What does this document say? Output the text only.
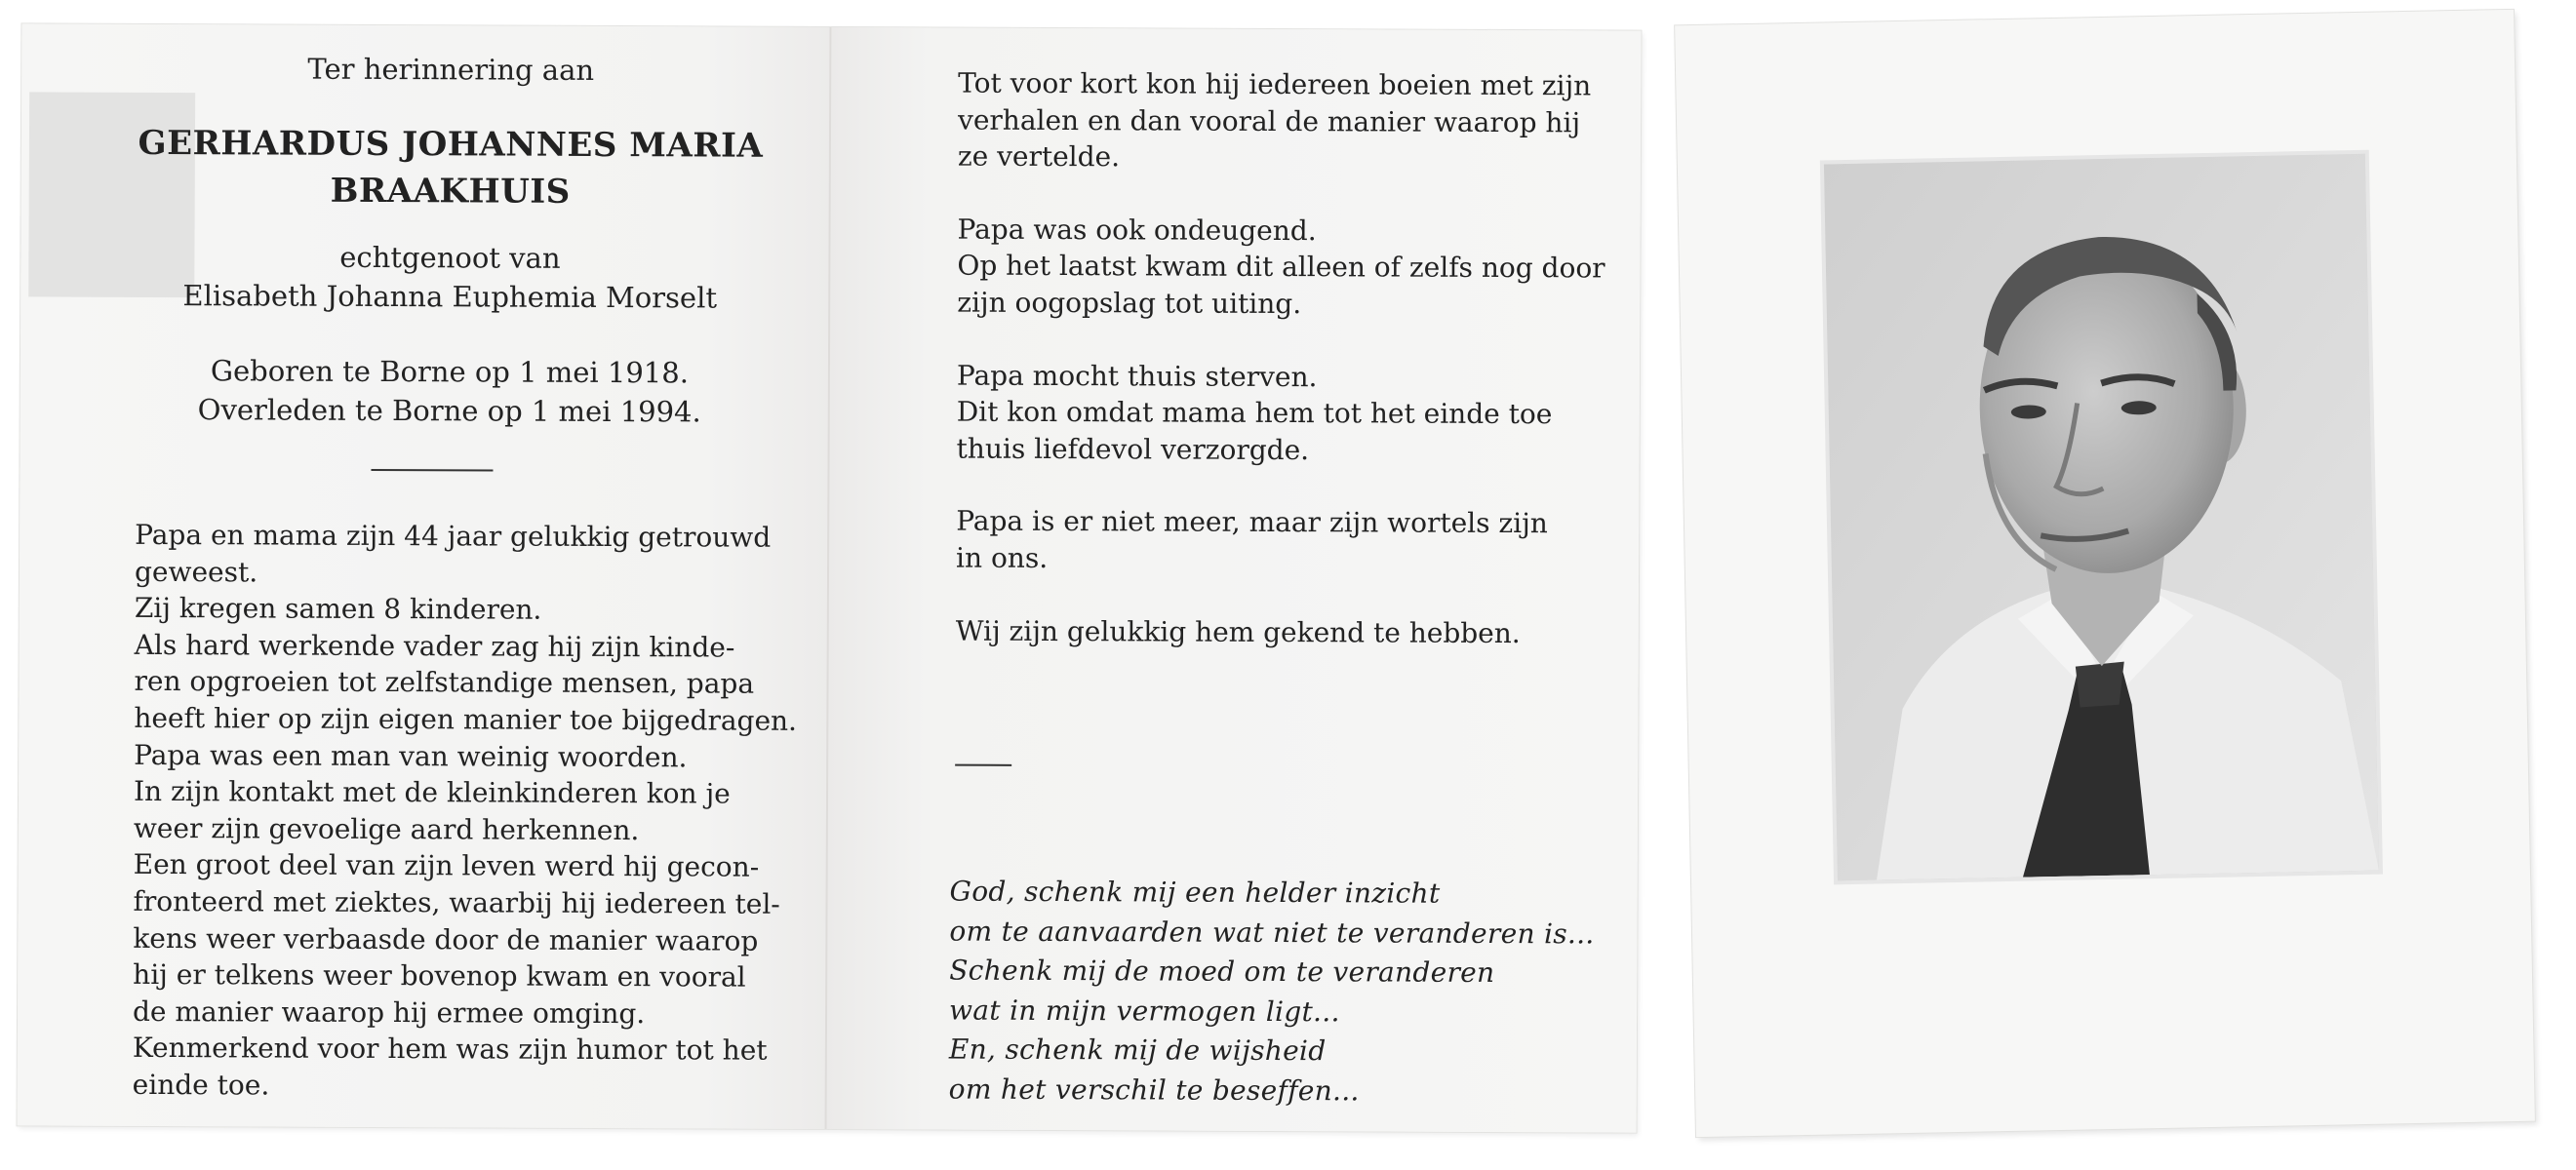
Ter herinnering aan
GERHARDUS JOHANNES MARIA
BRAAKHUIS
echtgenoot van
Elisabeth Johanna Euphemia Morselt
Geboren te Borne op 1 mei 1918.
Overleden te Borne op 1 mei 1994.
Papa en mama zijn 44 jaar gelukkig getrouwd
geweest.
Zij kregen samen 8 kinderen.
Als hard werkende vader zag hij zijn kinde-
ren opgroeien tot zelfstandige mensen, papa
heeft hier op zijn eigen manier toe bijgedragen.
Papa was een man van weinig woorden.
In zijn kontakt met de kleinkinderen kon je
weer zijn gevoelige aard herkennen.
Een groot deel van zijn leven werd hij gecon-
fronteerd met ziektes, waarbij hij iedereen tel-
kens weer verbaasde door de manier waarop
hij er telkens weer bovenop kwam en vooral
de manier waarop hij ermee omging.
Kenmerkend voor hem was zijn humor tot het
einde toe.
Tot voor kort kon hij iedereen boeien met zijn
verhalen en dan vooral de manier waarop hij
ze vertelde.
Papa was ook ondeugend.
Op het laatst kwam dit alleen of zelfs nog door
zijn oogopslag tot uiting.
Papa mocht thuis sterven.
Dit kon omdat mama hem tot het einde toe
thuis liefdevol verzorgde.
Papa is er niet meer, maar zijn wortels zijn
in ons.
Wij zijn gelukkig hem gekend te hebben.
God, schenk mij een helder inzicht
om te aanvaarden wat niet te veranderen is...
Schenk mij de moed om te veranderen
wat in mijn vermogen ligt...
En, schenk mij de wijsheid
om het verschil te beseffen...
